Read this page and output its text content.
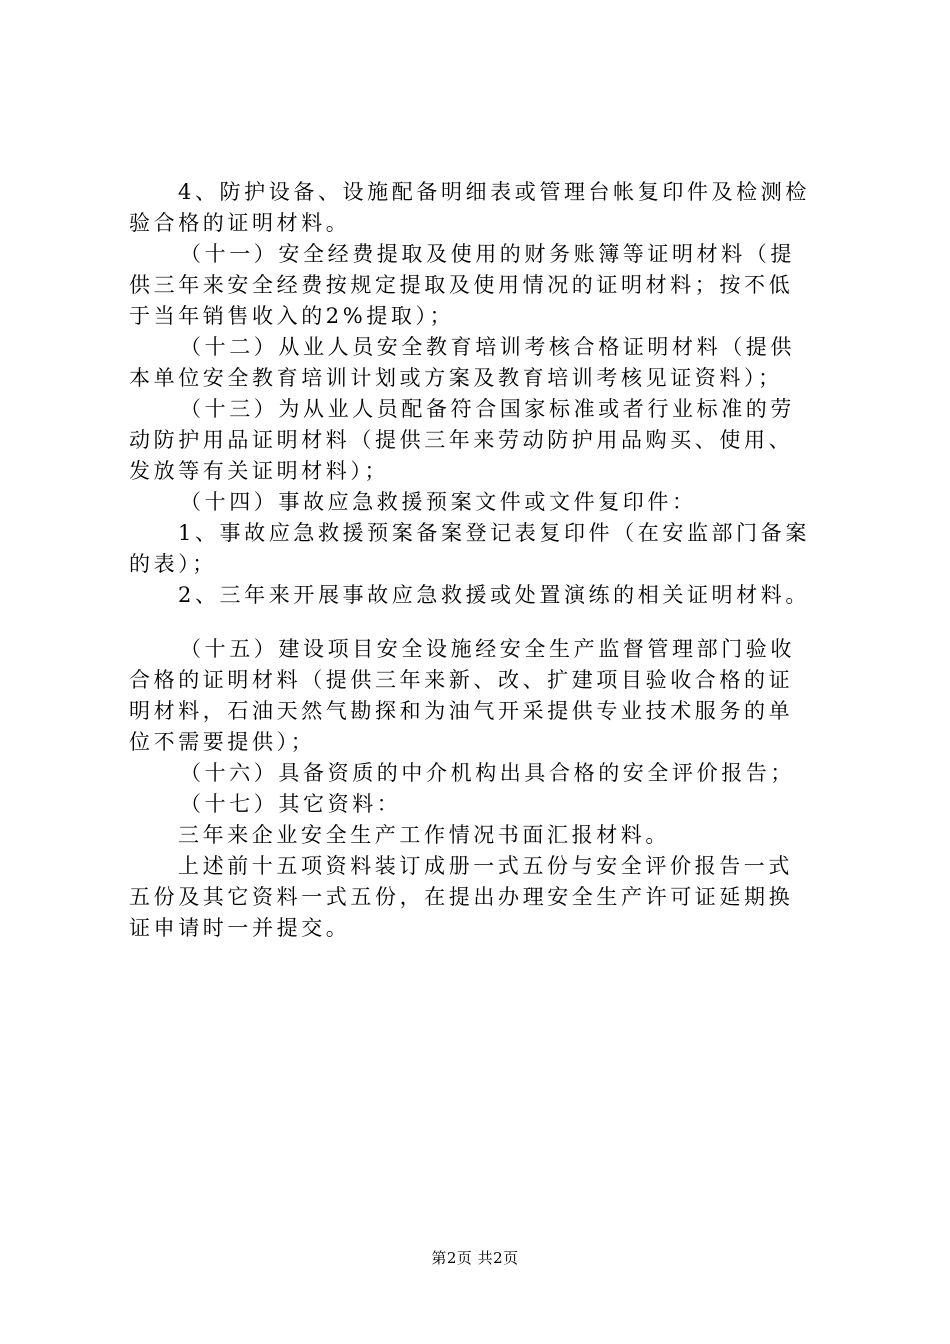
4、防护设备、设施配备明细表或管理台帐复印件及检测检
验合格的证明材料。
（十一）安全经费提取及使用的财务账簿等证明材料（提
供三年来安全经费按规定提取及使用情况的证明材料；按不低
于当年销售收入的2%提取）；
（十二）从业人员安全教育培训考核合格证明材料（提供
本单位安全教育培训计划或方案及教育培训考核见证资料）；
（十三）为从业人员配备符合国家标准或者行业标准的劳
动防护用品证明材料（提供三年来劳动防护用品购买、使用、
发放等有关证明材料）；
（十四）事故应急救援预案文件或文件复印件：
1、事故应急救援预案备案登记表复印件（在安监部门备案
的表）；
2、三年来开展事故应急救援或处置演练的相关证明材料。
（十五）建设项目安全设施经安全生产监督管理部门验收
合格的证明材料（提供三年来新、改、扩建项目验收合格的证
明材料，石油天然气勘探和为油气开采提供专业技术服务的单
位不需要提供）；
（十六）具备资质的中介机构出具合格的安全评价报告；
（十七）其它资料：
三年来企业安全生产工作情况书面汇报材料。
上述前十五项资料装订成册一式五份与安全评价报告一式
五份及其它资料一式五份，在提出办理安全生产许可证延期换
证申请时一并提交。
第2页 共2页
